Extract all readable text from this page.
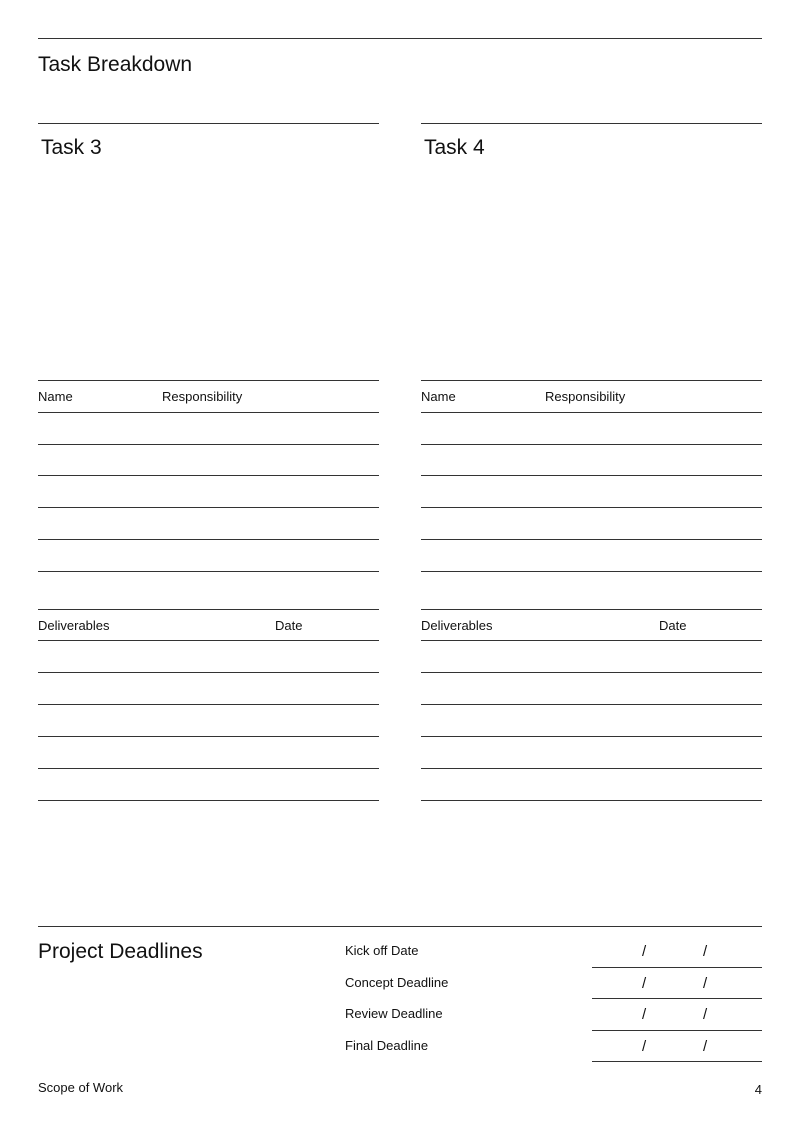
Task Breakdown
Task 3
Name	Responsibility
Deliverables	Date
Task 4
Name	Responsibility
Deliverables	Date
Project Deadlines	Kick off Date	/	/
Concept Deadline	/	/
Review Deadline	/	/
Final Deadline	/	/
Scope of Work	4
